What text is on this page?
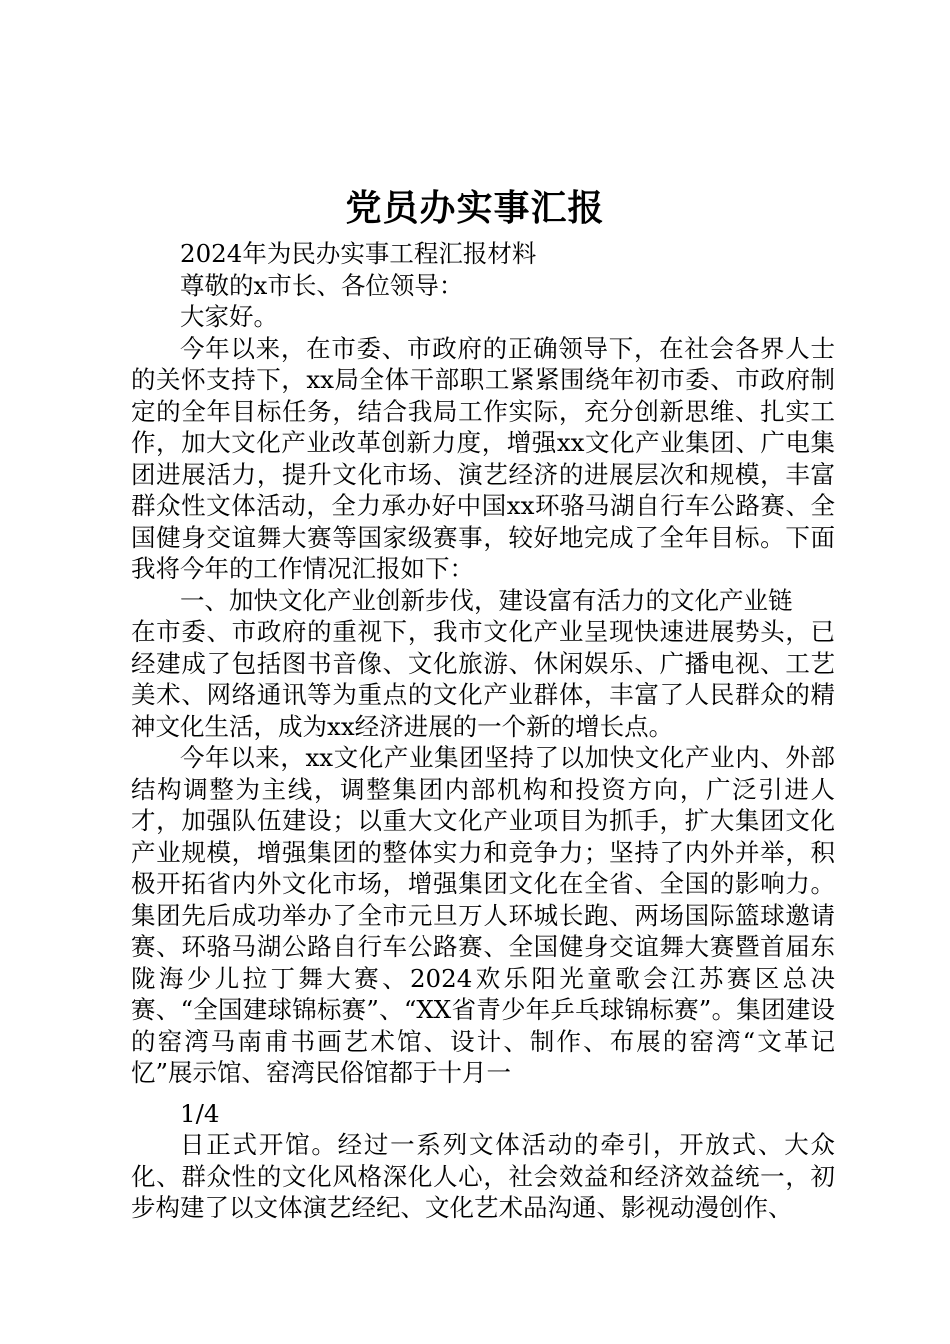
党员办实事汇报

2024年为民办实事工程汇报材料

尊敬的x市长、各位领导：

大家好。

今年以来，在市委、市政府的正确领导下，在社会各界人士的关怀支持下，xx局全体干部职工紧紧围绕年初市委、市政府制定的全年目标任务，结合我局工作实际，充分创新思维、扎实工作，加大文化产业改革创新力度，增强xx文化产业集团、广电集团进展活力，提升文化市场、演艺经济的进展层次和规模，丰富群众性文体活动，全力承办好中国xx环骆马湖自行车公路赛、全国健身交谊舞大赛等国家级赛事，较好地完成了全年目标。下面我将今年的工作情况汇报如下：

一、加快文化产业创新步伐，建设富有活力的文化产业链

在市委、市政府的重视下，我市文化产业呈现快速进展势头，已经建成了包括图书音像、文化旅游、休闲娱乐、广播电视、工艺美术、网络通讯等为重点的文化产业群体，丰富了人民群众的精神文化生活，成为xx经济进展的一个新的增长点。

今年以来，xx文化产业集团坚持了以加快文化产业内、外部结构调整为主线，调整集团内部机构和投资方向，广泛引进人才，加强队伍建设；以重大文化产业项目为抓手，扩大集团文化产业规模，增强集团的整体实力和竞争力；坚持了内外并举，积极开拓省内外文化市场，增强集团文化在全省、全国的影响力。集团先后成功举办了全市元旦万人环城长跑、两场国际篮球邀请赛、环骆马湖公路自行车公路赛、全国健身交谊舞大赛暨首届东陇海少儿拉丁舞大赛、2024欢乐阳光童歌会江苏赛区总决赛、“全国建球锦标赛”、“XX省青少年乒乓球锦标赛”。集团建设的窑湾马南甫书画艺术馆、设计、制作、布展的窑湾“文革记忆”展示馆、窑湾民俗馆都于十月一

1/4

日正式开馆。经过一系列文体活动的牵引，开放式、大众化、群众性的文化风格深化人心，社会效益和经济效益统一，初步构建了以文体演艺经纪、文化艺术品沟通、影视动漫创作、
